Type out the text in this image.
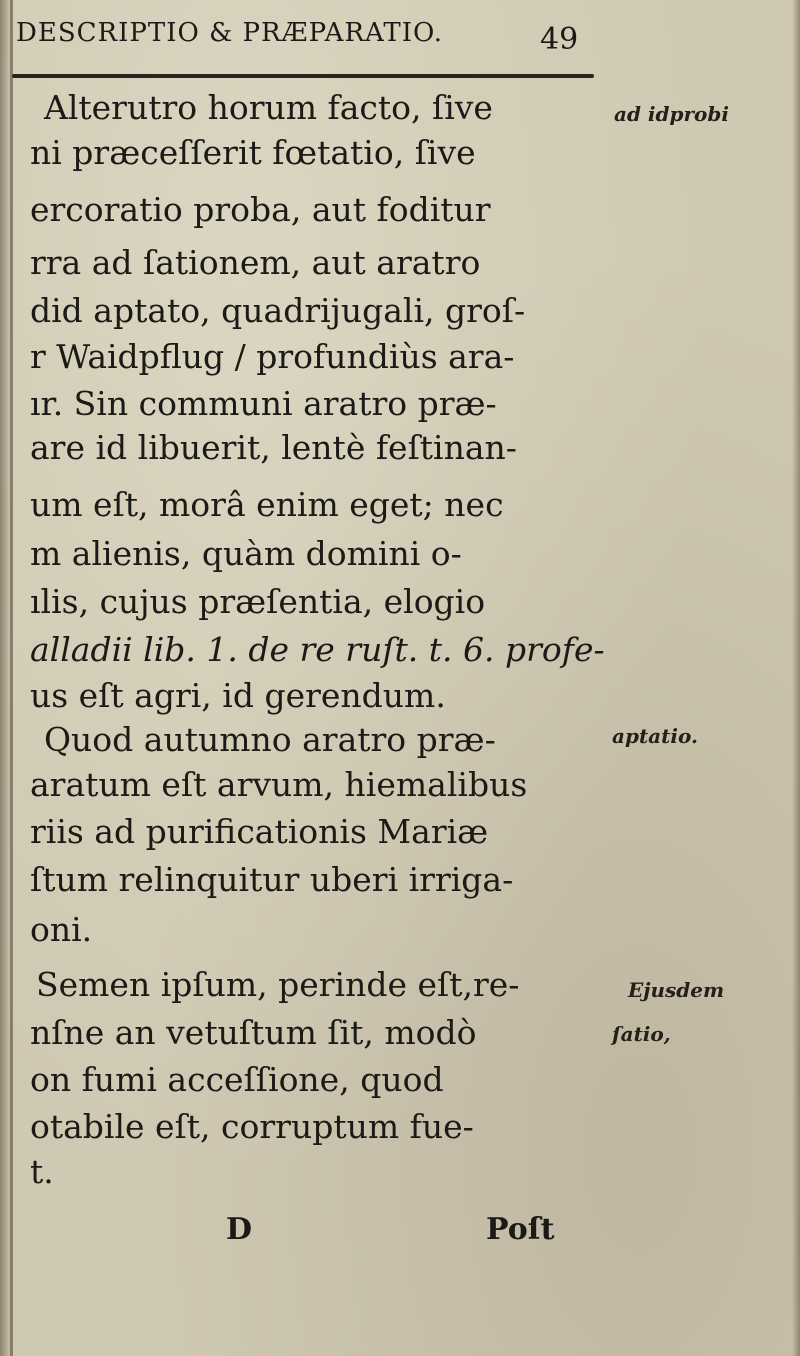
DESCRIPTIO & PRÆPARATIO.	49
Alterutro horum facto, ſive
ni præceſſerit fœtatio, ſive
ercoratio proba, aut foditur
rra ad ſationem, aut aratro
did aptato, quadrijugali, groſ-
r Waidpflug / profundiùs ara-
ır. Sin communi aratro præ-
are id libuerit, lentè feſtinan-
um eſt, morâ enim eget; nec
m alienis, quàm domini o-
ılis, cujus præſentia, elogio
alladii lib. 1. de re ruſt. t. 6. profe-
us eſt agri, id gerendum.
Quod autumno aratro præ-
aratum eſt arvum, hiemalibus
riis ad purificationis Mariæ
ſtum relinquitur uberi irriga-
oni.
Semen ipſum, perinde eſt,re-
nſne an vetuſtum ſit, modò
on fumi acceſſione, quod
otabile eſt, corruptum fue-
t.
ad idprobi
aptatio.
Ejusdem
ſatio,
D	Poſt
